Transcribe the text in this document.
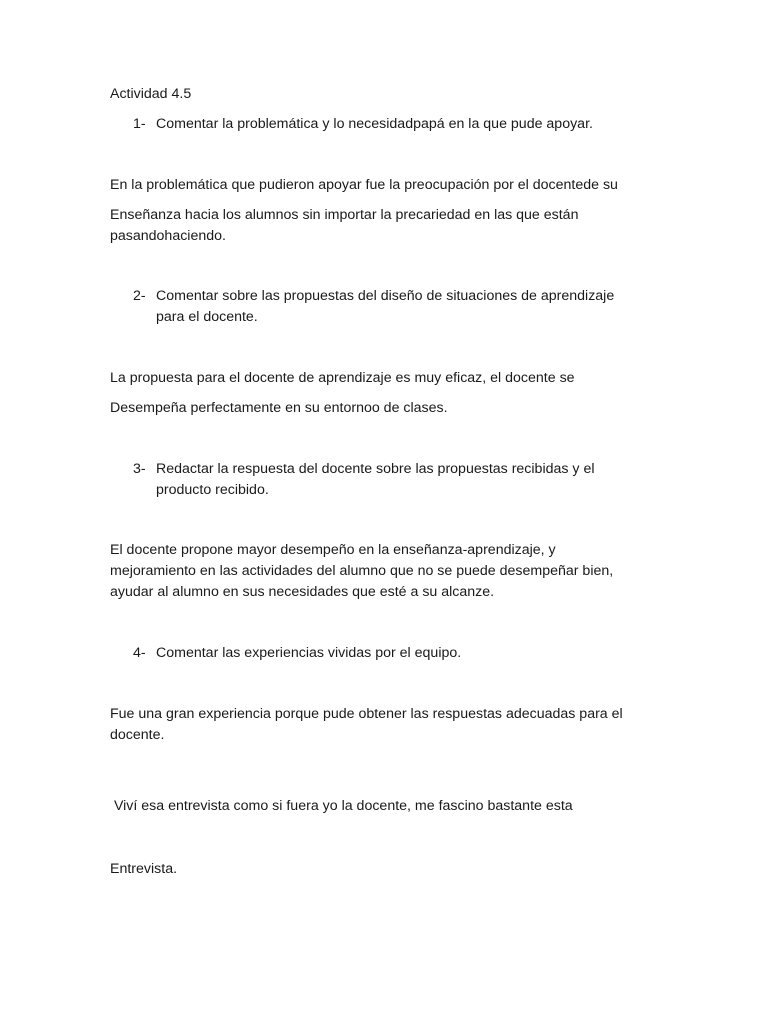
Actividad 4.5
1- Comentar la problemática y lo necesidadpapá en la que pude apoyar.
En la problemática que pudieron apoyar fue la preocupación por el docentede su
Enseñanza hacia los alumnos sin importar la precariedad en las que están
pasandohaciendo.
2- Comentar sobre las propuestas del diseño de situaciones de aprendizaje
para el docente.
La propuesta para el docente de aprendizaje es muy eficaz, el docente se
Desempeña perfectamente en su entornoo de clases.
3- Redactar la respuesta del docente sobre las propuestas recibidas y el
producto recibido.
El docente propone mayor desempeño en la enseñanza-aprendizaje, y
mejoramiento en las actividades del alumno que no se puede desempeñar bien,
ayudar al alumno en sus necesidades que esté a su alcanze.
4- Comentar las experiencias vividas por el equipo.
Fue una gran experiencia porque pude obtener las respuestas adecuadas para el
docente.

Viví esa entrevista como si fuera yo la docente, me fascino bastante esta

Entrevista.
